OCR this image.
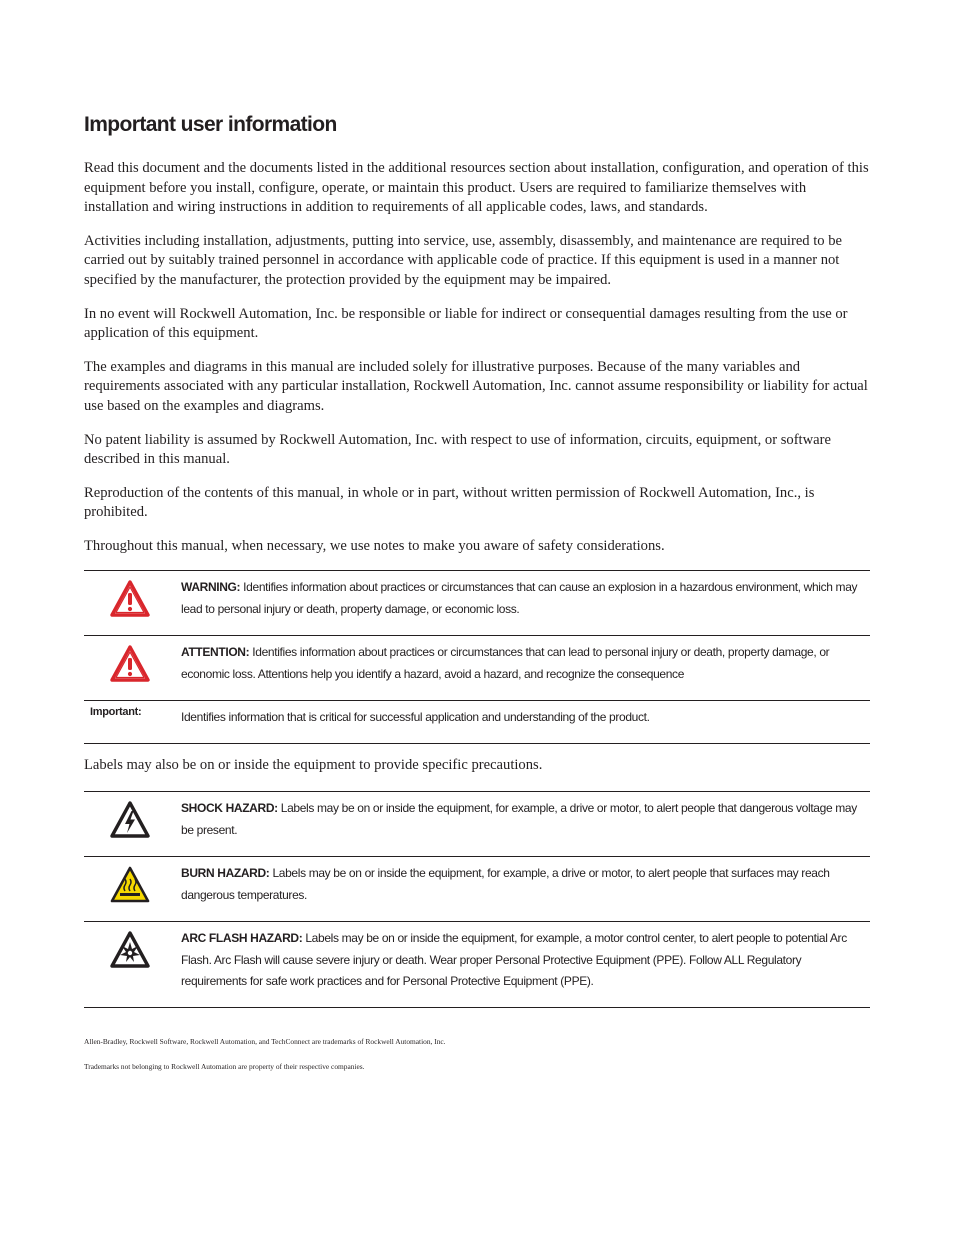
Important user information

Read this document and the documents listed in the additional resources section about installation, configuration, and operation of this equipment before you install, configure, operate, or maintain this product. Users are required to familiarize themselves with installation and wiring instructions in addition to requirements of all applicable codes, laws, and standards.

Activities including installation, adjustments, putting into service, use, assembly, disassembly, and maintenance are required to be carried out by suitably trained personnel in accordance with applicable code of practice. If this equipment is used in a manner not specified by the manufacturer, the protection provided by the equipment may be impaired.

In no event will Rockwell Automation, Inc. be responsible or liable for indirect or consequential damages resulting from the use or application of this equipment.

The examples and diagrams in this manual are included solely for illustrative purposes. Because of the many variables and requirements associated with any particular installation, Rockwell Automation, Inc. cannot assume responsibility or liability for actual use based on the examples and diagrams.

No patent liability is assumed by Rockwell Automation, Inc. with respect to use of information, circuits, equipment, or software described in this manual.

Reproduction of the contents of this manual, in whole or in part, without written permission of Rockwell Automation, Inc., is prohibited.

Throughout this manual, when necessary, we use notes to make you aware of safety considerations.

WARNING: Identifies information about practices or circumstances that can cause an explosion in a hazardous environment, which may lead to personal injury or death, property damage, or economic loss.
ATTENTION: Identifies information about practices or circumstances that can lead to personal injury or death, property damage, or economic loss. Attentions help you identify a hazard, avoid a hazard, and recognize the consequence
Important:	Identifies information that is critical for successful application and understanding of the product.

Labels may also be on or inside the equipment to provide specific precautions.

SHOCK HAZARD: Labels may be on or inside the equipment, for example, a drive or motor, to alert people that dangerous voltage may be present.
BURN HAZARD: Labels may be on or inside the equipment, for example, a drive or motor, to alert people that surfaces may reach dangerous temperatures.
ARC FLASH HAZARD: Labels may be on or inside the equipment, for example, a motor control center, to alert people to potential Arc Flash. Arc Flash will cause severe injury or death. Wear proper Personal Protective Equipment (PPE). Follow ALL Regulatory requirements for safe work practices and for Personal Protective Equipment (PPE).

Allen-Bradley, Rockwell Software, Rockwell Automation, and TechConnect are trademarks of Rockwell Automation, Inc.

Trademarks not belonging to Rockwell Automation are property of their respective companies.
